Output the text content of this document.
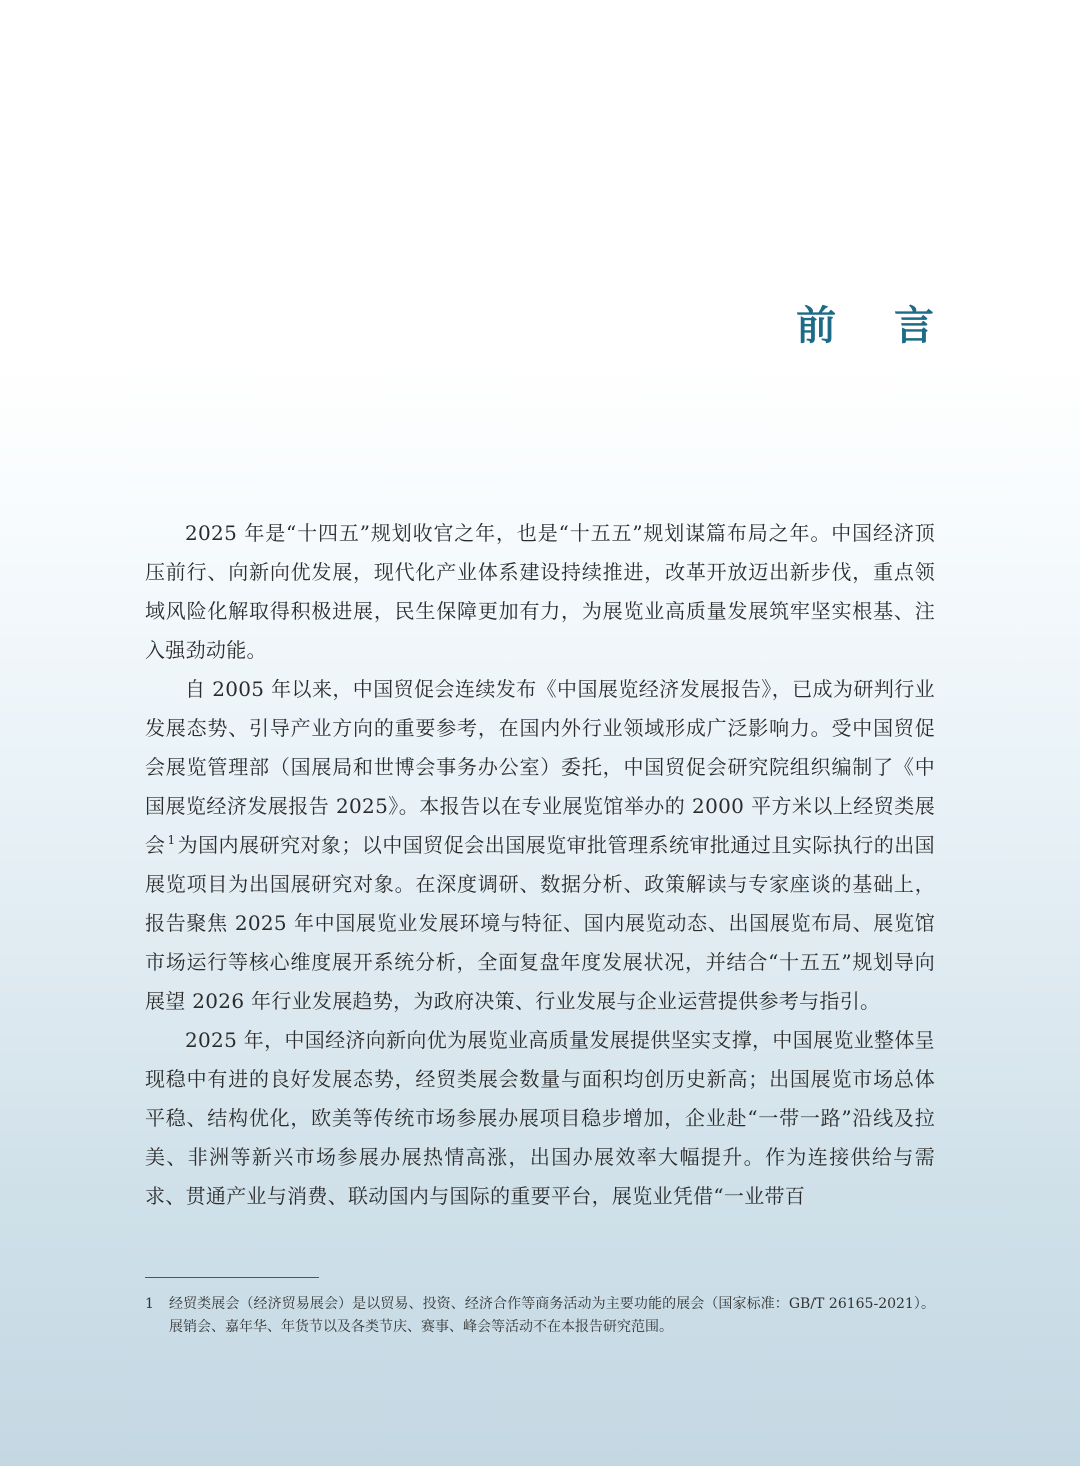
前 言

2025 年是“十四五”规划收官之年，也是“十五五”规划谋篇布局之年。中国经济顶压前行、向新向优发展，现代化产业体系建设持续推进，改革开放迈出新步伐，重点领域风险化解取得积极进展，民生保障更加有力，为展览业高质量发展筑牢坚实根基、注入强劲动能。

自 2005 年以来，中国贸促会连续发布《中国展览经济发展报告》，已成为研判行业发展态势、引导产业方向的重要参考，在国内外行业领域形成广泛影响力。受中国贸促会展览管理部（国展局和世博会事务办公室）委托，中国贸促会研究院组织编制了《中国展览经济发展报告 2025》。本报告以在专业展览馆举办的 2000 平方米以上经贸类展会 $^1$ 为国内展研究对象；以中国贸促会出国展览审批管理系统审批通过且实际执行的出国展览项目为出国展研究对象。在深度调研、数据分析、政策解读与专家座谈的基础上，报告聚焦 2025 年中国展览业发展环境与特征、国内展览动态、出国展览布局、展览馆市场运行等核心维度展开系统分析，全面复盘年度发展状况，并结合“十五五”规划导向展望 2026 年行业发展趋势，为政府决策、行业发展与企业运营提供参考与指引。

2025 年，中国经济向新向优为展览业高质量发展提供坚实支撑，中国展览业整体呈现稳中有进的良好发展态势，经贸类展会数量与面积均创历史新高；出国展览市场总体平稳、结构优化，欧美等传统市场参展办展项目稳步增加，企业赴“一带一路”沿线及拉美、非洲等新兴市场参展办展热情高涨，出国办展效率大幅提升。作为连接供给与需求、贯通产业与消费、联动国内与国际的重要平台，展览业凭借“一业带百

1	经贸类展会（经济贸易展会）是以贸易、投资、经济合作等商务活动为主要功能的展会（国家标准：GB/T 26165-2021）。展销会、嘉年华、年货节以及各类节庆、赛事、峰会等活动不在本报告研究范围。
